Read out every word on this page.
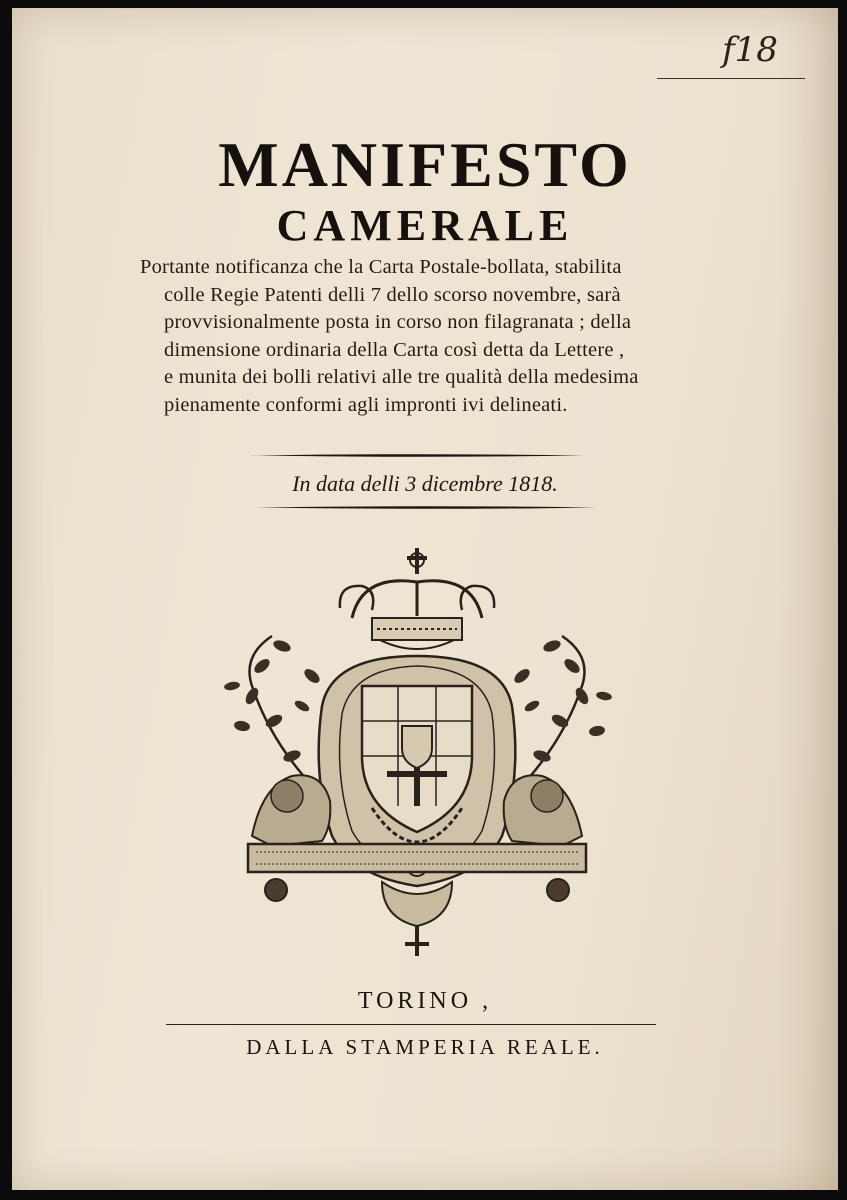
f18
MANIFESTO
CAMERALE
Portante notificanza che la Carta Postale-bollata, stabilita
colle Regie Patenti delli 7 dello scorso novembre, sarà
provvisionalmente posta in corso non filagranata ; della
dimensione ordinaria della Carta così detta da Lettere ,
e munita dei bolli relativi alle tre qualità della medesima
pienamente conformi agli impronti ivi delineati.
In data delli 3 dicembre 1818.
TORINO ,
DALLA STAMPERIA REALE.
